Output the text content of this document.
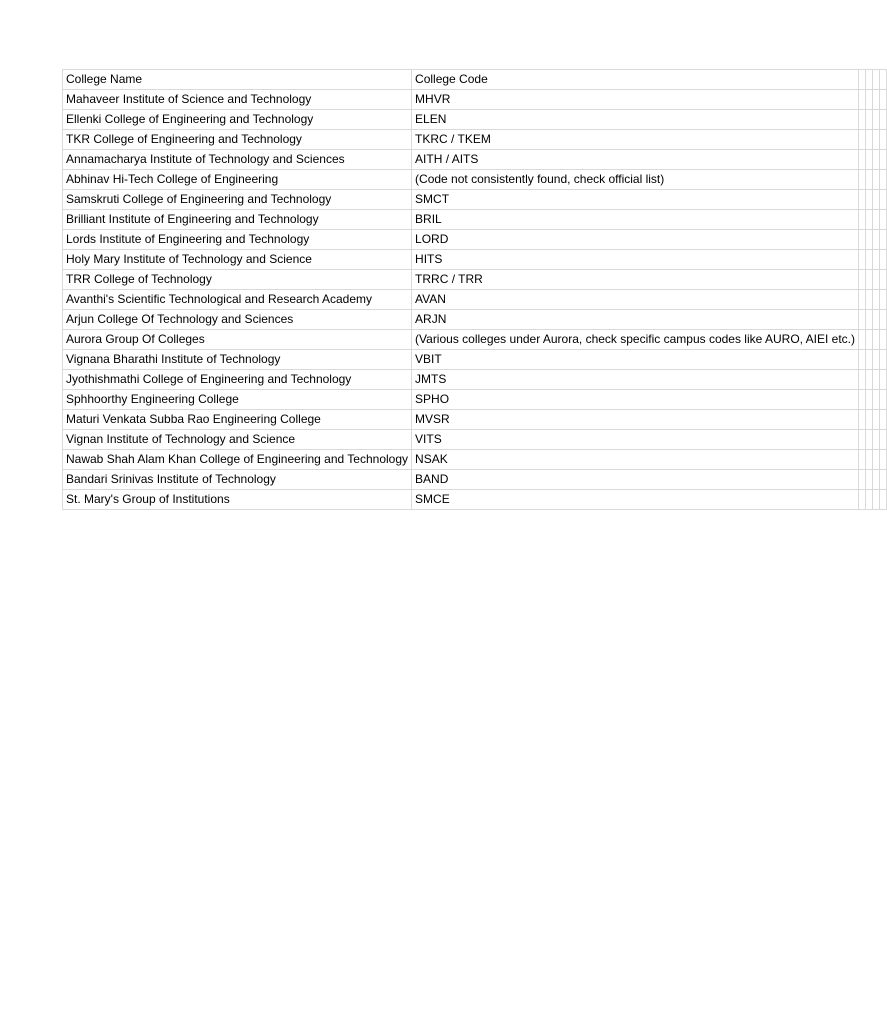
College Name	College Code				
Mahaveer Institute of Science and Technology	MHVR				
Ellenki College of Engineering and Technology	ELEN				
TKR College of Engineering and Technology	TKRC / TKEM				
Annamacharya Institute of Technology and Sciences	AITH / AITS				
Abhinav Hi-Tech College of Engineering	(Code not consistently found, check official list)				
Samskruti College of Engineering and Technology	SMCT				
Brilliant Institute of Engineering and Technology	BRIL				
Lords Institute of Engineering and Technology	LORD				
Holy Mary Institute of Technology and Science	HITS				
TRR College of Technology	TRRC / TRR				
Avanthi's Scientific Technological and Research Academy	AVAN				
Arjun College Of Technology and Sciences	ARJN				
Aurora Group Of Colleges	(Various colleges under Aurora, check specific campus codes like AURO, AIEI etc.)				
Vignana Bharathi Institute of Technology	VBIT				
Jyothishmathi College of Engineering and Technology	JMTS				
Sphhoorthy Engineering College	SPHO				
Maturi Venkata Subba Rao Engineering College	MVSR				
Vignan Institute of Technology and Science	VITS				
Nawab Shah Alam Khan College of Engineering and Technology	NSAK				
Bandari Srinivas Institute of Technology	BAND				
St. Mary's Group of Institutions	SMCE				
